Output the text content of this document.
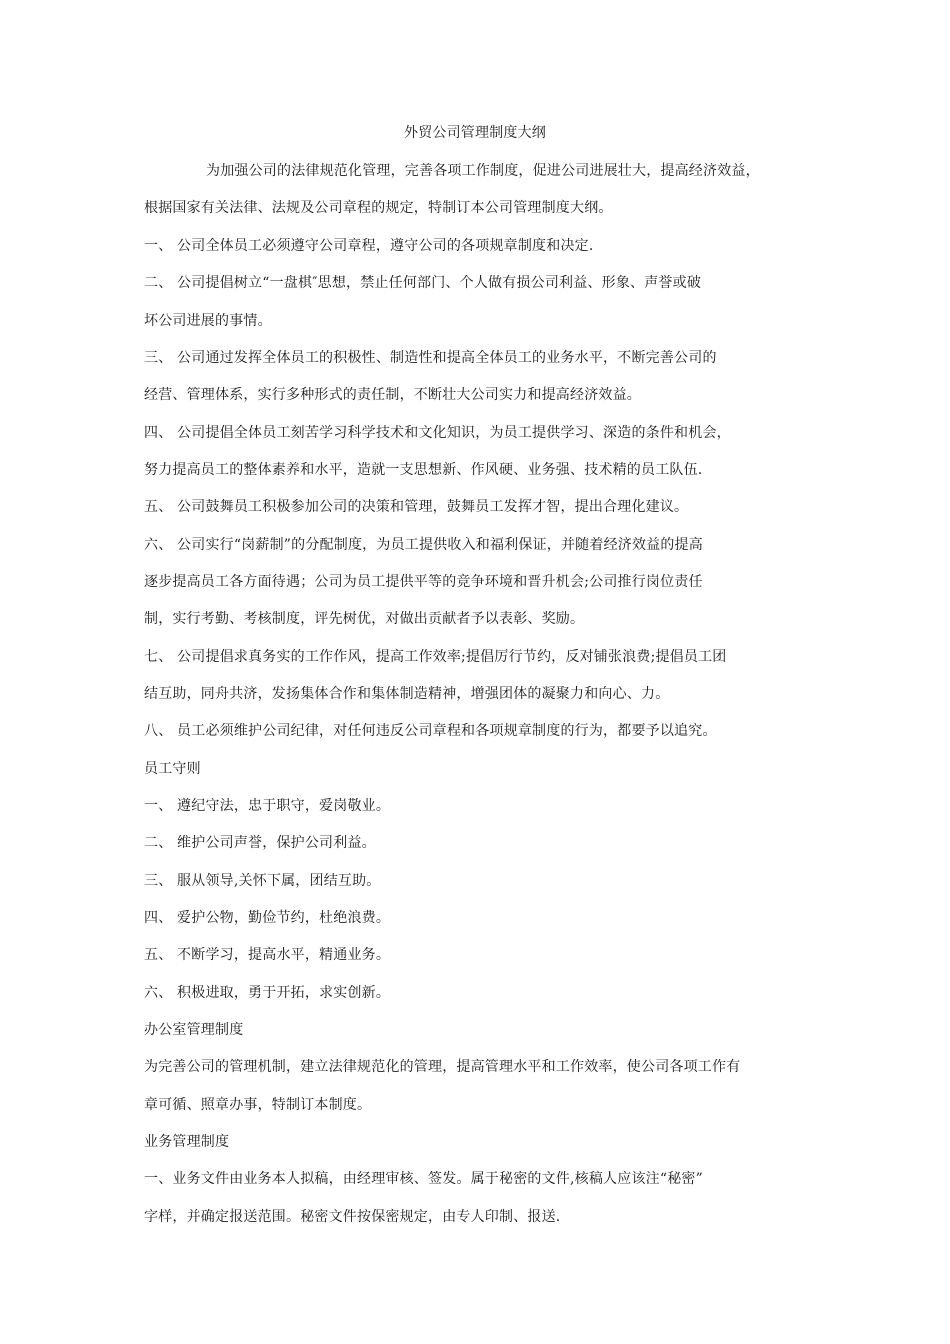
外贸公司管理制度大纲
为加强公司的法律规范化管理，完善各项工作制度，促进公司进展壮大，提高经济效益，
根据国家有关法律、法规及公司章程的规定，特制订本公司管理制度大纲。
一、 公司全体员工必须遵守公司章程，遵守公司的各项规章制度和决定.
二、 公司提倡树立“一盘棋″思想，禁止任何部门、个人做有损公司利益、形象、声誉或破
坏公司进展的事情。
三、 公司通过发挥全体员工的积极性、制造性和提高全体员工的业务水平，不断完善公司的
经营、管理体系，实行多种形式的责任制，不断壮大公司实力和提高经济效益。
四、 公司提倡全体员工刻苦学习科学技术和文化知识，为员工提供学习、深造的条件和机会，
努力提高员工的整体素养和水平，造就一支思想新、作风硬、业务强、技术精的员工队伍.
五、 公司鼓舞员工积极参加公司的决策和管理，鼓舞员工发挥才智，提出合理化建议。
六、 公司实行“岗薪制”的分配制度，为员工提供收入和福利保证，并随着经济效益的提高
逐步提高员工各方面待遇；公司为员工提供平等的竞争环境和晋升机会;公司推行岗位责任
制，实行考勤、考核制度，评先树优，对做出贡献者予以表彰、奖励。
七、 公司提倡求真务实的工作作风，提高工作效率;提倡厉行节约，反对铺张浪费;提倡员工团
结互助，同舟共济，发扬集体合作和集体制造精神，增强团体的凝聚力和向心、力。
八、 员工必须维护公司纪律，对任何违反公司章程和各项规章制度的行为，都要予以追究。
员工守则
一、 遵纪守法，忠于职守，爱岗敬业。
二、 维护公司声誉，保护公司利益。
三、 服从领导,关怀下属，团结互助。
四、 爱护公物，勤俭节约，杜绝浪费。
五、 不断学习，提高水平，精通业务。
六、 积极进取，勇于开拓，求实创新。
办公室管理制度
为完善公司的管理机制，建立法律规范化的管理，提高管理水平和工作效率，使公司各项工作有
章可循、照章办事，特制订本制度。
业务管理制度
一、业务文件由业务本人拟稿，由经理审核、签发。属于秘密的文件,核稿人应该注“秘密”
字样，并确定报送范围。秘密文件按保密规定，由专人印制、报送.
